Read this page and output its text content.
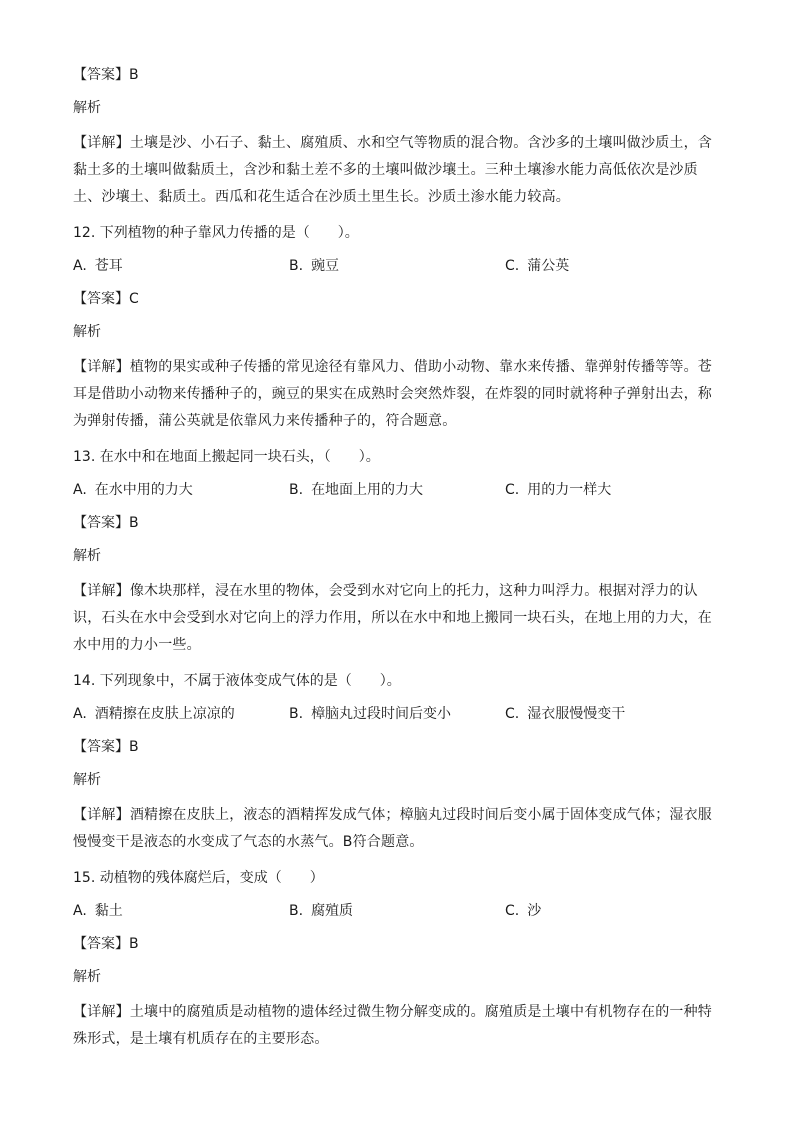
【答案】B

解析

【详解】土壤是沙、小石子、黏土、腐殖质、水和空气等物质的混合物。含沙多的土壤叫做沙质土，含黏土多的土壤叫做黏质土，含沙和黏土差不多的土壤叫做沙壤土。三种土壤渗水能力高低依次是沙质土、沙壤土、黏质土。西瓜和花生适合在沙质土里生长。沙质土渗水能力较高。

12. 下列植物的种子靠风力传播的是（　　）。

A. 苍耳	B. 豌豆	C. 蒲公英

【答案】C

解析

【详解】植物的果实或种子传播的常见途径有靠风力、借助小动物、靠水来传播、靠弹射传播等等。苍耳是借助小动物来传播种子的，豌豆的果实在成熟时会突然炸裂，在炸裂的同时就将种子弹射出去，称为弹射传播，蒲公英就是依靠风力来传播种子的，符合题意。

13. 在水中和在地面上搬起同一块石头，（　　）。

A. 在水中用的力大	B. 在地面上用的力大	C. 用的力一样大

【答案】B

解析

【详解】像木块那样，浸在水里的物体，会受到水对它向上的托力，这种力叫浮力。根据对浮力的认识，石头在水中会受到水对它向上的浮力作用，所以在水中和地上搬同一块石头，在地上用的力大，在水中用的力小一些。

14. 下列现象中，不属于液体变成气体的是（　　）。

A. 酒精擦在皮肤上凉凉的	B. 樟脑丸过段时间后变小	C. 湿衣服慢慢变干

【答案】B

解析

【详解】酒精擦在皮肤上，液态的酒精挥发成气体；樟脑丸过段时间后变小属于固体变成气体；湿衣服慢慢变干是液态的水变成了气态的水蒸气。B符合题意。

15. 动植物的残体腐烂后，变成（　　）

A. 黏土	B. 腐殖质	C. 沙

【答案】B

解析

【详解】土壤中的腐殖质是动植物的遗体经过微生物分解变成的。腐殖质是土壤中有机物存在的一种特殊形式，是土壤有机质存在的主要形态。
